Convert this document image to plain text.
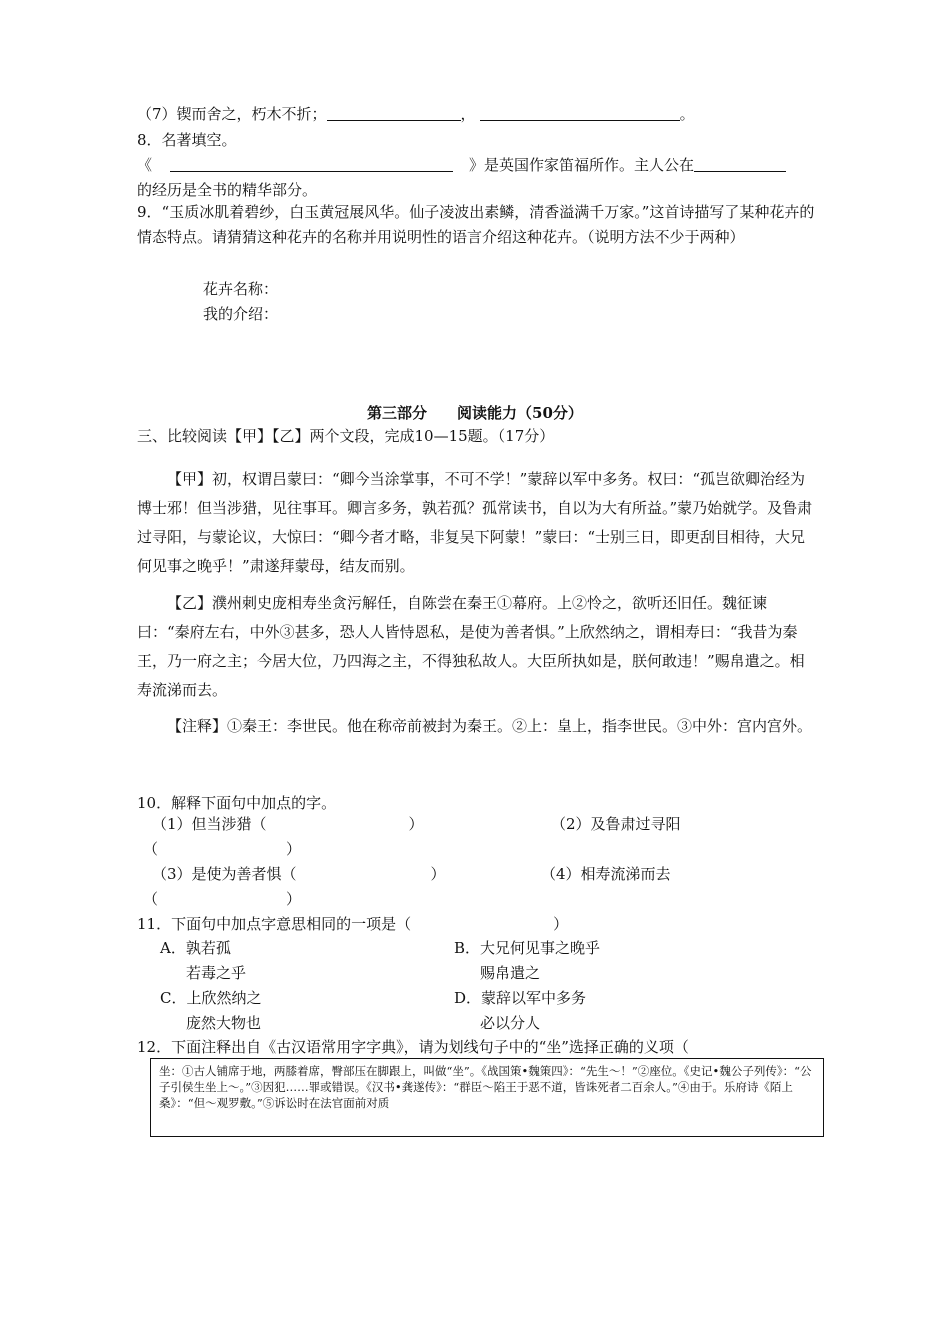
（7）锲而舍之，朽木不折；	，	。
8．名著填空。
《	》是英国作家笛福所作。主人公在
的经历是全书的精华部分。
9．“玉质冰肌着碧纱，白玉黄冠展风华。仙子凌波出素鳞，清香溢满千万家。”这首诗描写了某种花卉的情态特点。请猜猜这种花卉的名称并用说明性的语言介绍这种花卉。（说明方法不少于两种）
花卉名称：
我的介绍：
第三部分　　阅读能力（50分）
三、比较阅读【甲】【乙】两个文段，完成10—15题。（17分）
【甲】初，权谓吕蒙曰：“卿今当涂掌事，不可不学！”蒙辞以军中多务。权曰：“孤岂欲卿治经为博士邪！但当涉猎，见往事耳。卿言多务，孰若孤？孤常读书，自以为大有所益。”蒙乃始就学。及鲁肃过寻阳，与蒙论议，大惊曰：“卿今者才略，非复吴下阿蒙！”蒙曰：“士别三日，即更刮目相待，大兄何见事之晚乎！”肃遂拜蒙母，结友而别。
【乙】濮州刺史庞相寿坐贪污解任，自陈尝在秦王①幕府。上②怜之，欲听还旧任。魏征谏曰：“秦府左右，中外③甚多，恐人人皆恃恩私，是使为善者惧。”上欣然纳之，谓相寿曰：“我昔为秦王，乃一府之主；今居大位，乃四海之主，不得独私故人。大臣所执如是，朕何敢违！”赐帛遣之。相寿流涕而去。
【注释】①秦王：李世民。他在称帝前被封为秦王。②上：皇上，指李世民。③中外：宫内宫外。
10．解释下面句中加点的字。
（1）但当涉猎（	）	（2）及鲁肃过寻阳
（	）
（3）是使为善者惧（	）	（4）相寿流涕而去
（	）
11．下面句中加点字意思相同的一项是（	）
A．孰若孤
若毒之乎
B．大兄何见事之晚乎
赐帛遣之
C．上欣然纳之
庞然大物也
D．蒙辞以军中多务
必以分人
12．下面注释出自《古汉语常用字字典》，请为划线句子中的“坐”选择正确的义项（
坐：①古人铺席于地，两膝着席，臀部压在脚跟上，叫做“坐”。《战国策•魏策四》：“先生～！”②座位。《史记•魏公子列传》：“公子引侯生坐上～。”③因犯……罪或错误。《汉书•龚遂传》：“群臣～陷王于恶不道，皆诛死者二百余人。”④由于。乐府诗《陌上桑》：“但～观罗敷。”⑤诉讼时在法官面前对质
